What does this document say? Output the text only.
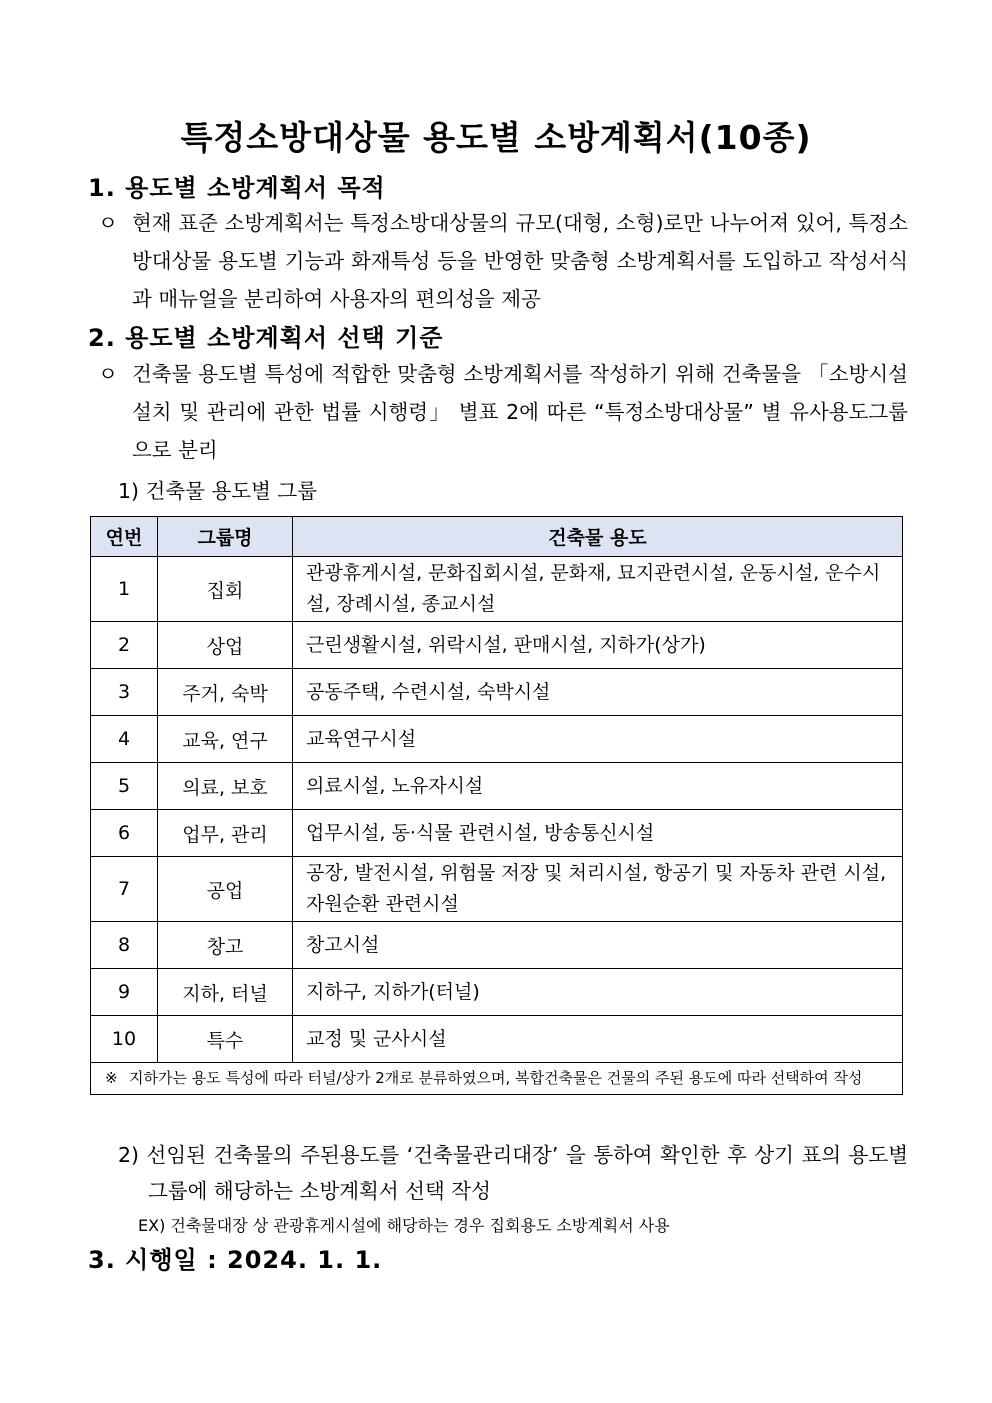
특정소방대상물 용도별 소방계획서(10종)
1. 용도별 소방계획서 목적
ㅇ 현재 표준 소방계획서는 특정소방대상물의 규모(대형, 소형)로만 나누어져 있어, 특정소방대상물 용도별 기능과 화재특성 등을 반영한 맞춤형 소방계획서를 도입하고 작성서식과 매뉴얼을 분리하여 사용자의 편의성을 제공
2. 용도별 소방계획서 선택 기준
ㅇ 건축물 용도별 특성에 적합한 맞춤형 소방계획서를 작성하기 위해 건축물을 「소방시설 설치 및 관리에 관한 법률 시행령」 별표 2에 따른 “특정소방대상물” 별 유사용도그룹으로 분리
1) 건축물 용도별 그룹
연번	그룹명	건축물 용도
1	집회	관광휴게시설, 문화집회시설, 문화재, 묘지관련시설, 운동시설, 운수시설, 장례시설, 종교시설
2	상업	근린생활시설, 위락시설, 판매시설, 지하가(상가)
3	주거, 숙박	공동주택, 수련시설, 숙박시설
4	교육, 연구	교육연구시설
5	의료, 보호	의료시설, 노유자시설
6	업무, 관리	업무시설, 동·식물 관련시설, 방송통신시설
7	공업	공장, 발전시설, 위험물 저장 및 처리시설, 항공기 및 자동차 관련 시설, 자원순환 관련시설
8	창고	창고시설
9	지하, 터널	지하구, 지하가(터널)
10	특수	교정 및 군사시설

※ 지하가는 용도 특성에 따라 터널/상가 2개로 분류하였으며, 복합건축물은 건물의 주된 용도에 따라 선택하여 작성		
2) 선임된 건축물의 주된용도를 ‘건축물관리대장’ 을 통하여 확인한 후 상기 표의 용도별 그룹에 해당하는 소방계획서 선택 작성
EX) 건축물대장 상 관광휴게시설에 해당하는 경우 집회용도 소방계획서 사용
3. 시행일 : 2024. 1. 1.
